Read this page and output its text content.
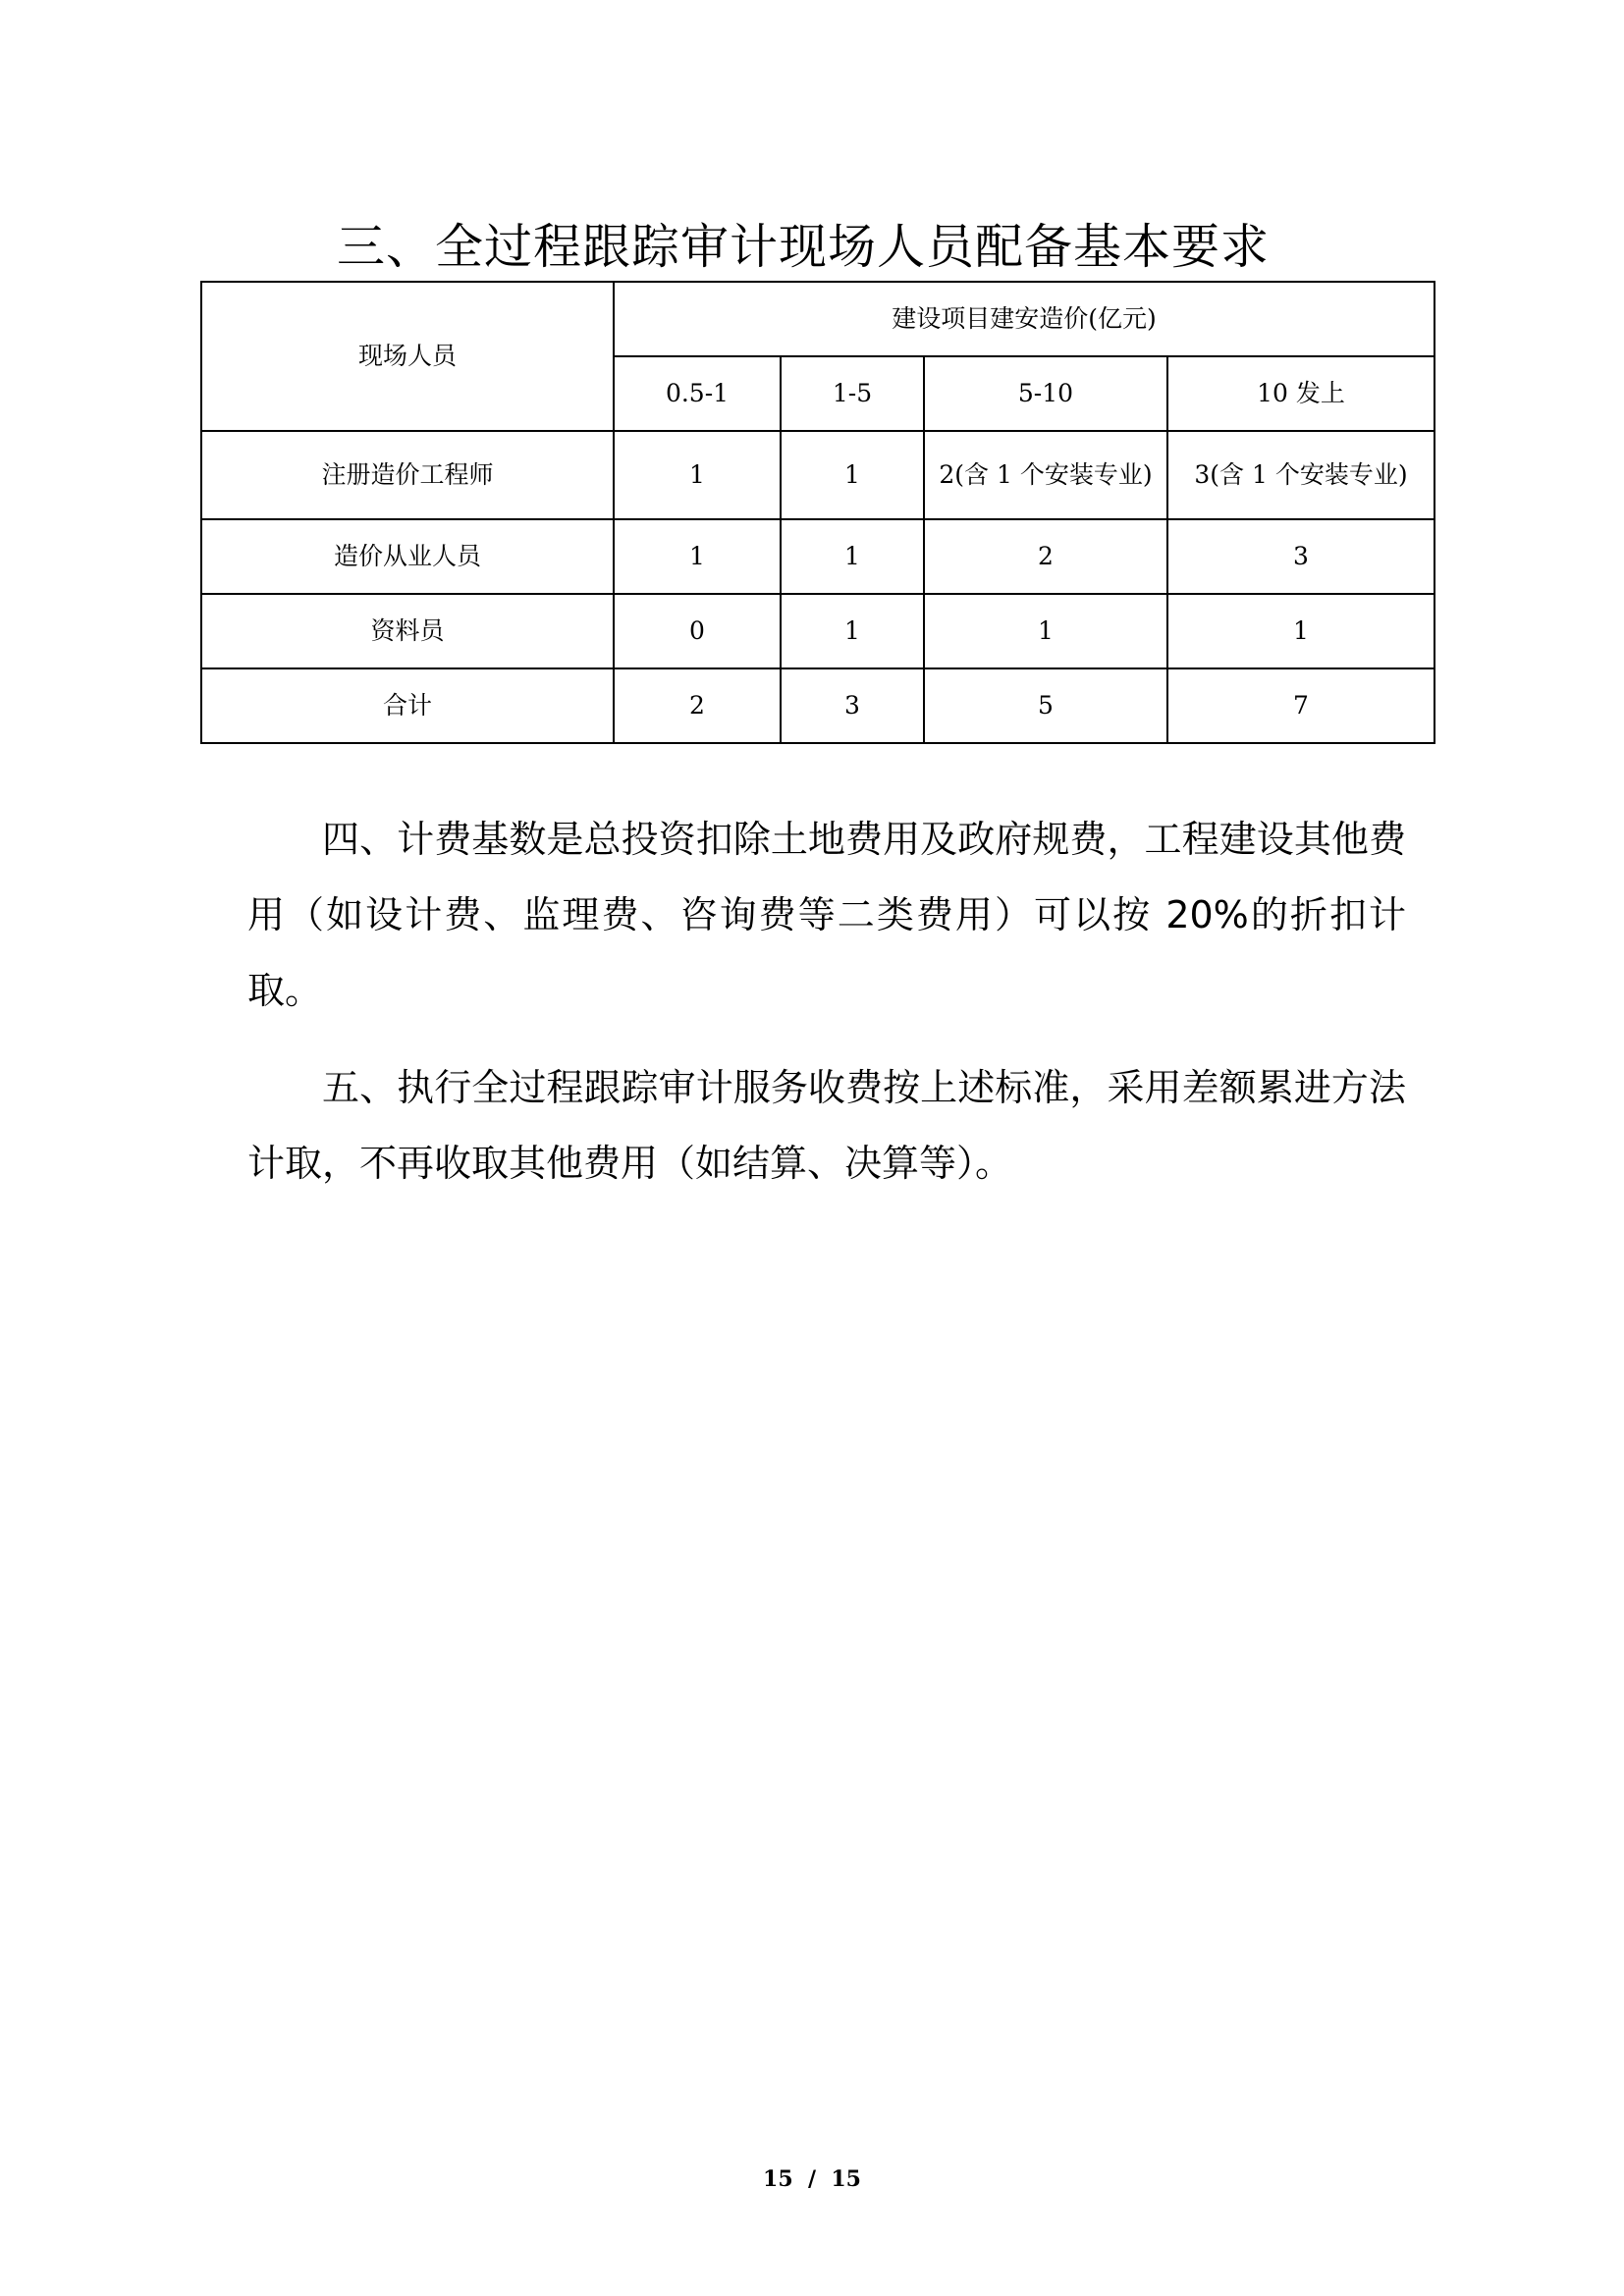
三、全过程跟踪审计现场人员配备基本要求
现场人员	建设项目建安造价(亿元)			
	0.5-1	1-5	5-10	10 发上
注册造价工程师	1	1	2(含 1 个安装专业)	3(含 1 个安装专业)
造价从业人员	1	1	2	3
资料员	0	1	1	1
合计	2	3	5	7

四、计费基数是总投资扣除土地费用及政府规费，工程建设其他费用（如设计费、监理费、咨询费等二类费用）可以按 20%的折扣计取。

五、执行全过程跟踪审计服务收费按上述标准，采用差额累进方法计取，不再收取其他费用（如结算、决算等）。

15  /  15
